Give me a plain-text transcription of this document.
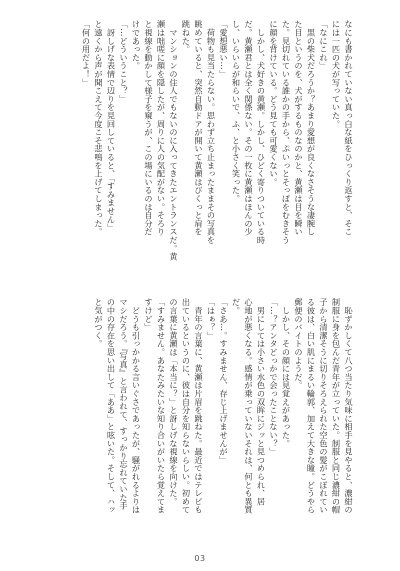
なにも書かれていない真っ白な紙をひっくり返すと、そこ
には一匹の犬が写っていた。
「なにこれ」
　黒の柴犬だろうか？あまり愛想が良くなさそうな凄腕し
た目というのを、犬がするものなのかと、黄瀬は目を瞬い
た。見切れている誰かの手から、ぷいっとそっぽをむきそう
に顔を背けている。どう見ても可愛くない。
　しかし、犬好きの黄瀬。しかし、ひどく寄りついている時
だ。黄瀬君とは全く関係ない。その一枚に黄瀬はほんの少
し、いらいらが和らいで、ふ、と小さく笑った。
「愛想悪い…」
　荷物も見当たらない。思わず立ち止まったままその写真を
眺めていると、突然自動ドアが開いて黄瀬はびくっと肩を
跳ねた。
　マンションの住人でもないのに入ってきたエントランスだ。黄
瀬は咄嗟に顔を隠したが、周りに人の気配がない。そろり
と視線を動かして様子を窺うが、この場にいるのは自分だ
けであった。
「…どういうこと？」
　訝しげな表情で辺りを見回していると、「すみません」
と遠くから声が聞こえて今度こそ悲鳴を上げてしまった。
「何の用だよ！」
　恥ずかしくて八つ当たり気味に相手を見やると、濃紺の
制服に身を包んだ青年が立っていた。制服と同じ濃紺の帽
子から清潔そうに切りそろえられた空色の髪がこぼれてい
る彼は、白い肌にまるい輪郭、加えて大きな瞳。どうやら
郵便のバイトのようだ。
　しかし、その顔には見覚えがあった。
「…？アンタどっかで会ったことない？」
　男にしては小さい水色の双眸にジッと見つめられ、居
心地が悪くなる。感情が乗っていないそれは、何とも異質
だ。
「さあ…。すみません、存じ上げませんが」
「はぁ？」
　青年の言葉に、黄瀬は片眉を跳ねた。最近ではテレビも
出ているというのに、彼は自分を知らないらしい。初めて
の言葉に黄瀬は「本当に？」と訝しげな視線を向けた。
「すみません。あなたみたいな知り合いがいたら覚えてま
すけど」
　どうも引っかかる言いぐさであったが、騒がれるよりは
マシだろう。『写真』と言われて、すっかり忘れていた手
の中の存在を思い出して「ああ」と呟いた。そして、ハッ
と気がつく。
03
